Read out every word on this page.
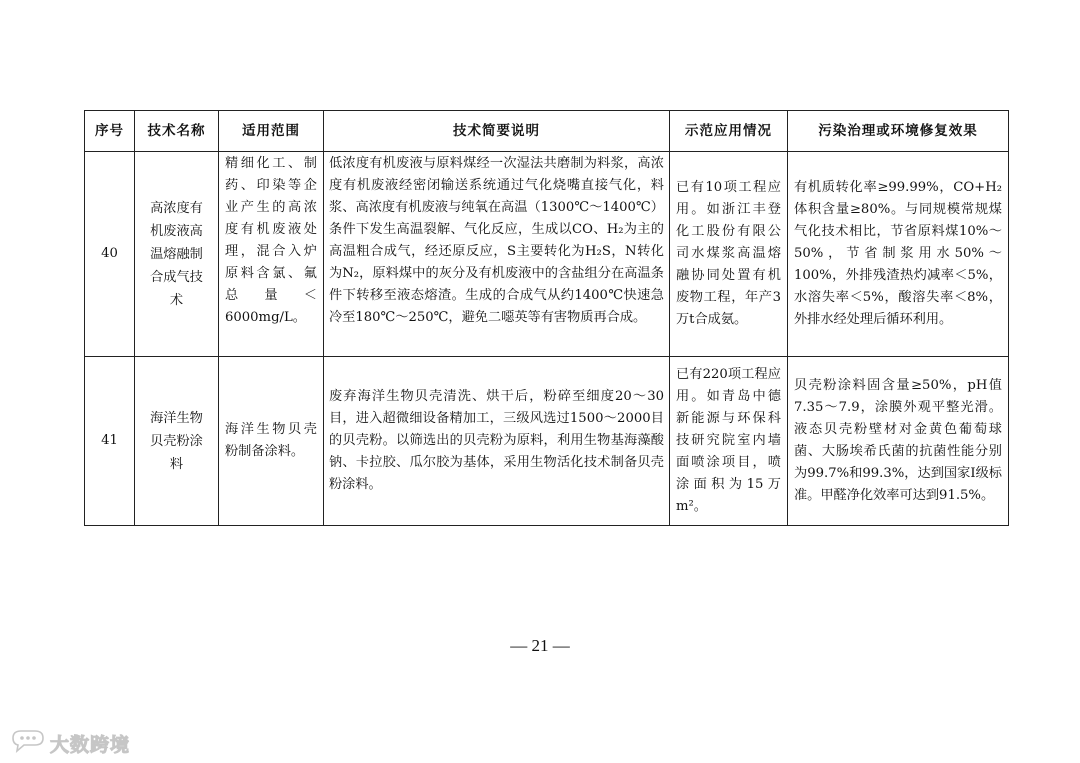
序号	技术名称	适用范围	技术简要说明	示范应用情况	污染治理或环境修复效果
40	高浓度有机废液高温熔融制合成气技术	精细化工、制药、印染等企业产生的高浓度有机废液处理，混合入炉原料含氯、氟总量＜6000mg/L。	低浓度有机废液与原料煤经一次湿法共磨制为料浆，高浓度有机废液经密闭输送系统通过气化烧嘴直接气化，料浆、高浓度有机废液与纯氧在高温（1300℃～1400℃）条件下发生高温裂解、气化反应，生成以CO、H₂为主的高温粗合成气，经还原反应，S主要转化为H₂S，N转化为N₂，原料煤中的灰分及有机废液中的含盐组分在高温条件下转移至液态熔渣。生成的合成气从约1400℃快速急冷至180℃～250℃，避免二噁英等有害物质再合成。	已有10项工程应用。如浙江丰登化工股份有限公司水煤浆高温熔融协同处置有机废物工程，年产3万t合成氨。	有机质转化率≥99.99%，CO+H₂体积含量≥80%。与同规模常规煤气化技术相比，节省原料煤10%～50%，节省制浆用水50%～100%，外排残渣热灼减率＜5%，水溶失率＜5%，酸溶失率＜8%，外排水经处理后循环利用。
41	海洋生物贝壳粉涂料	海洋生物贝壳粉制备涂料。	废弃海洋生物贝壳清洗、烘干后，粉碎至细度20～30目，进入超微细设备精加工，三级风选过1500～2000目的贝壳粉。以筛选出的贝壳粉为原料，利用生物基海藻酸钠、卡拉胶、瓜尔胶为基体，采用生物活化技术制备贝壳粉涂料。	已有220项工程应用。如青岛中德新能源与环保科技研究院室内墙面喷涂项目，喷涂面积为15万m²。	贝壳粉涂料固含量≥50%，pH值7.35～7.9，涂膜外观平整光滑。液态贝壳粉壁材对金黄色葡萄球菌、大肠埃希氏菌的抗菌性能分别为99.7%和99.3%，达到国家Ⅰ级标准。甲醛净化效率可达到91.5%。
— 21 —
大数跨境
